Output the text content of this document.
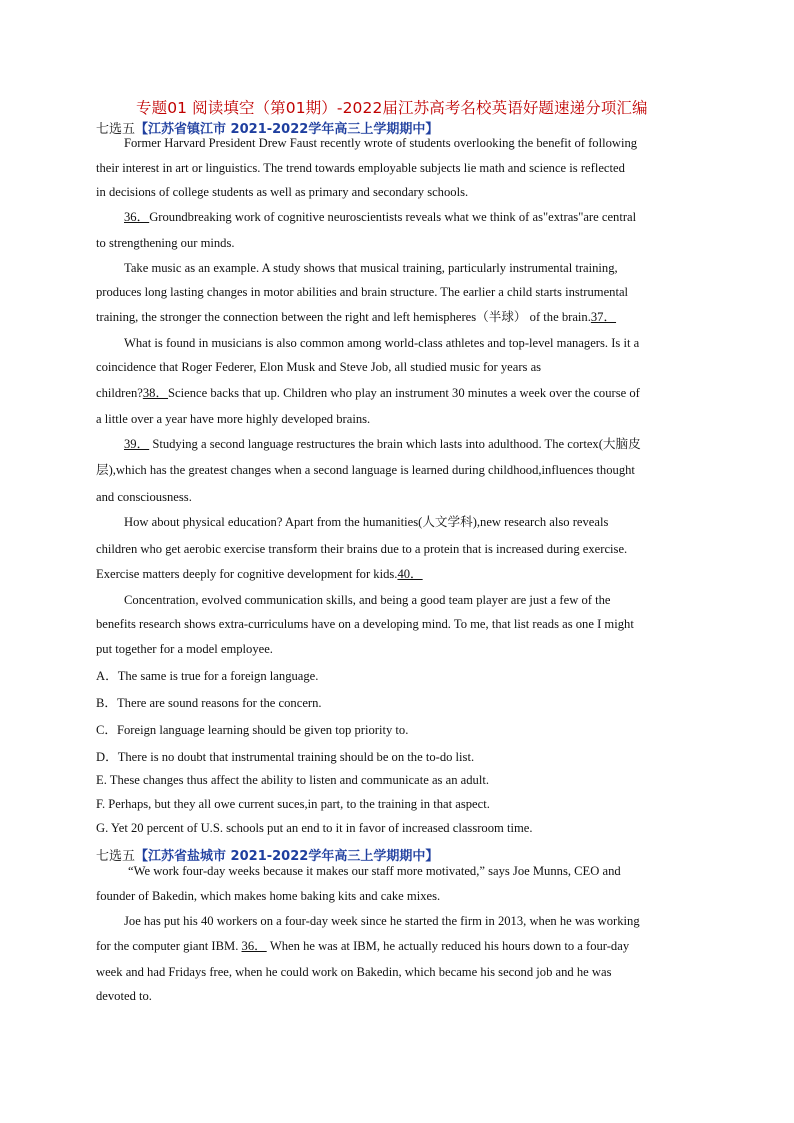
专题01 阅读填空（第01期）-2022届江苏高考名校英语好题速递分项汇编
七选五【江苏省镇江市 2021-2022学年高三上学期期中】
Former Harvard President Drew Faust recently wrote of students overlooking the benefit of following
their interest in art or linguistics. The trend towards employable subjects lie math and science is reflected
in decisions of college students as well as primary and secondary schools.
36．Groundbreaking work of cognitive neuroscientists reveals what we think of as"extras"are central
to strengthening our minds.
Take music as an example. A study shows that musical training, particularly instrumental training,
produces long lasting changes in motor abilities and brain structure. The earlier a child starts instrumental
training, the stronger the connection between the right and left hemispheres（半球） of the brain.37．
What is found in musicians is also common among world-class athletes and top-level managers. Is it a
coincidence that Roger Federer, Elon Musk and Steve Job, all studied music for years as
children?38．Science backs that up. Children who play an instrument 30 minutes a week over the course of
a little over a year have more highly developed brains.
39． Studying a second language restructures the brain which lasts into adulthood. The cortex(大脑皮
层),which has the greatest changes when a second language is learned during childhood,influences thought
and consciousness.
How about physical education? Apart from the humanities(人文学科),new research also reveals
children who get aerobic exercise transform their brains due to a protein that is increased during exercise.
Exercise matters deeply for cognitive development for kids.40．
Concentration, evolved communication skills, and being a good team player are just a few of the
benefits research shows extra-curriculums have on a developing mind. To me, that list reads as one I might
put together for a model employee.
A．The same is true for a foreign language.
B．There are sound reasons for the concern.
C．Foreign language learning should be given top priority to.
D．There is no doubt that instrumental training should be on the to-do list.
E. These changes thus affect the ability to listen and communicate as an adult.
F. Perhaps, but they all owe current suces,in part, to the training in that aspect.
G. Yet 20 percent of U.S. schools put an end to it in favor of increased classroom time.
七选五【江苏省盐城市 2021-2022学年高三上学期期中】
“We work four-day weeks because it makes our staff more motivated,” says Joe Munns, CEO and
founder of Bakedin, which makes home baking kits and cake mixes.
Joe has put his 40 workers on a four-day week since he started the firm in 2013, when he was working
for the computer giant IBM. 36． When he was at IBM, he actually reduced his hours down to a four-day
week and had Fridays free, when he could work on Bakedin, which became his second job and he was
devoted to.
